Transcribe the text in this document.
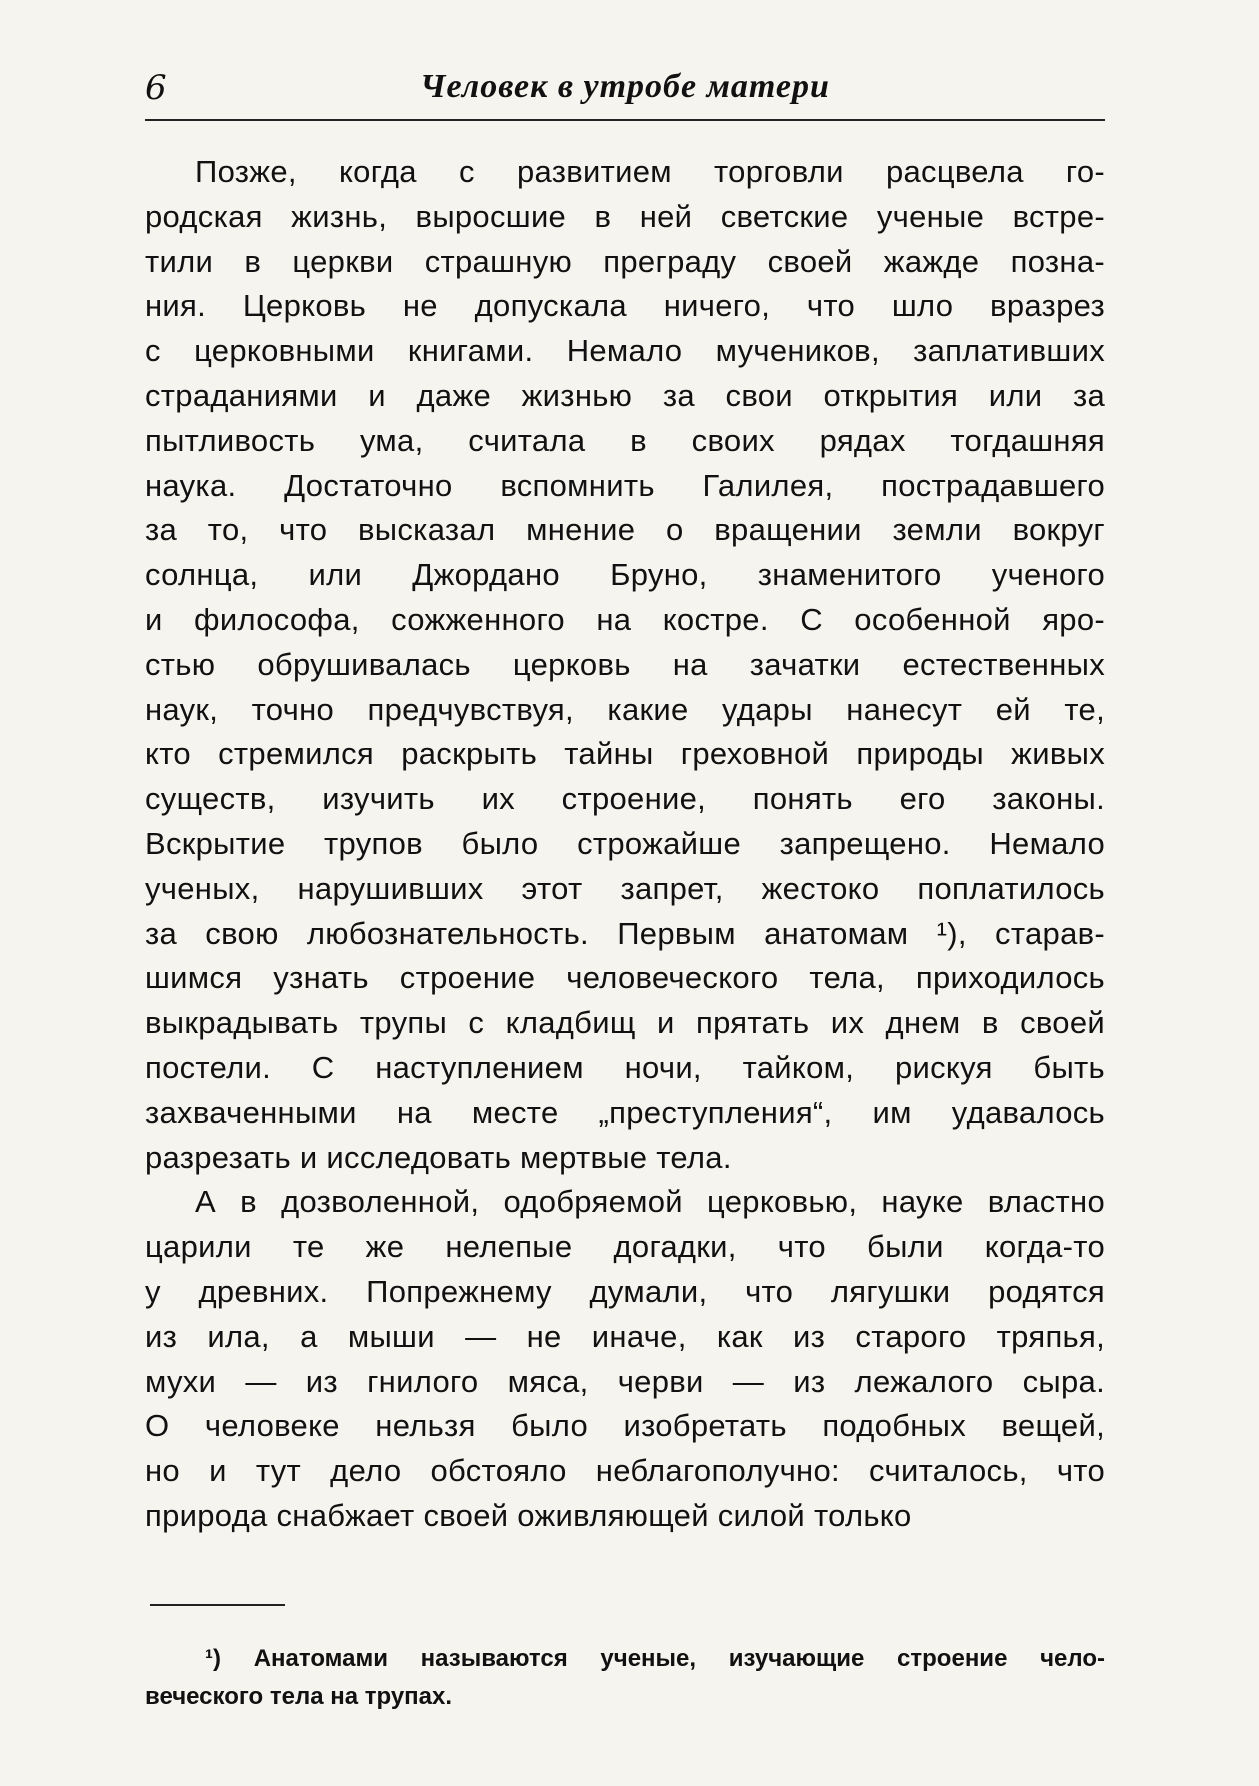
6	Человек в утробе матери

Позже, когда с развитием торговли расцвела го-
родская жизнь, выросшие в ней светские ученые встре-
тили в церкви страшную преграду своей жажде позна-
ния. Церковь не допускала ничего, что шло вразрез
с церковными книгами. Немало мучеников, заплативших
страданиями и даже жизнью за свои открытия или за
пытливость ума, считала в своих рядах тогдашняя
наука. Достаточно вспомнить Галилея, пострадавшего
за то, что высказал мнение о вращении земли вокруг
солнца, или Джордано Бруно, знаменитого ученого
и философа, сожженного на костре. С особенной яро-
стью обрушивалась церковь на зачатки естественных
наук, точно предчувствуя, какие удары нанесут ей те,
кто стремился раскрыть тайны греховной природы живых
существ, изучить их строение, понять его законы.
Вскрытие трупов было строжайше запрещено. Немало
ученых, нарушивших этот запрет, жестоко поплатилось
за свою любознательность. Первым анатомам ¹), старав-
шимся узнать строение человеческого тела, приходилось
выкрадывать трупы с кладбищ и прятать их днем в своей
постели. С наступлением ночи, тайком, рискуя быть
захваченными на месте „преступления“, им удавалось
разрезать и исследовать мертвые тела.

А в дозволенной, одобряемой церковью, науке властно
царили те же нелепые догадки, что были когда-то
у древних. Попрежнему думали, что лягушки родятся
из ила, а мыши — не иначе, как из старого тряпья,
мухи — из гнилого мяса, черви — из лежалого сыра.
О человеке нельзя было изобретать подобных вещей,
но и тут дело обстояло неблагополучно: считалось, что
природа снабжает своей оживляющей силой только

¹) Анатомами называются ученые, изучающие строение чело-
веческого тела на трупах.
